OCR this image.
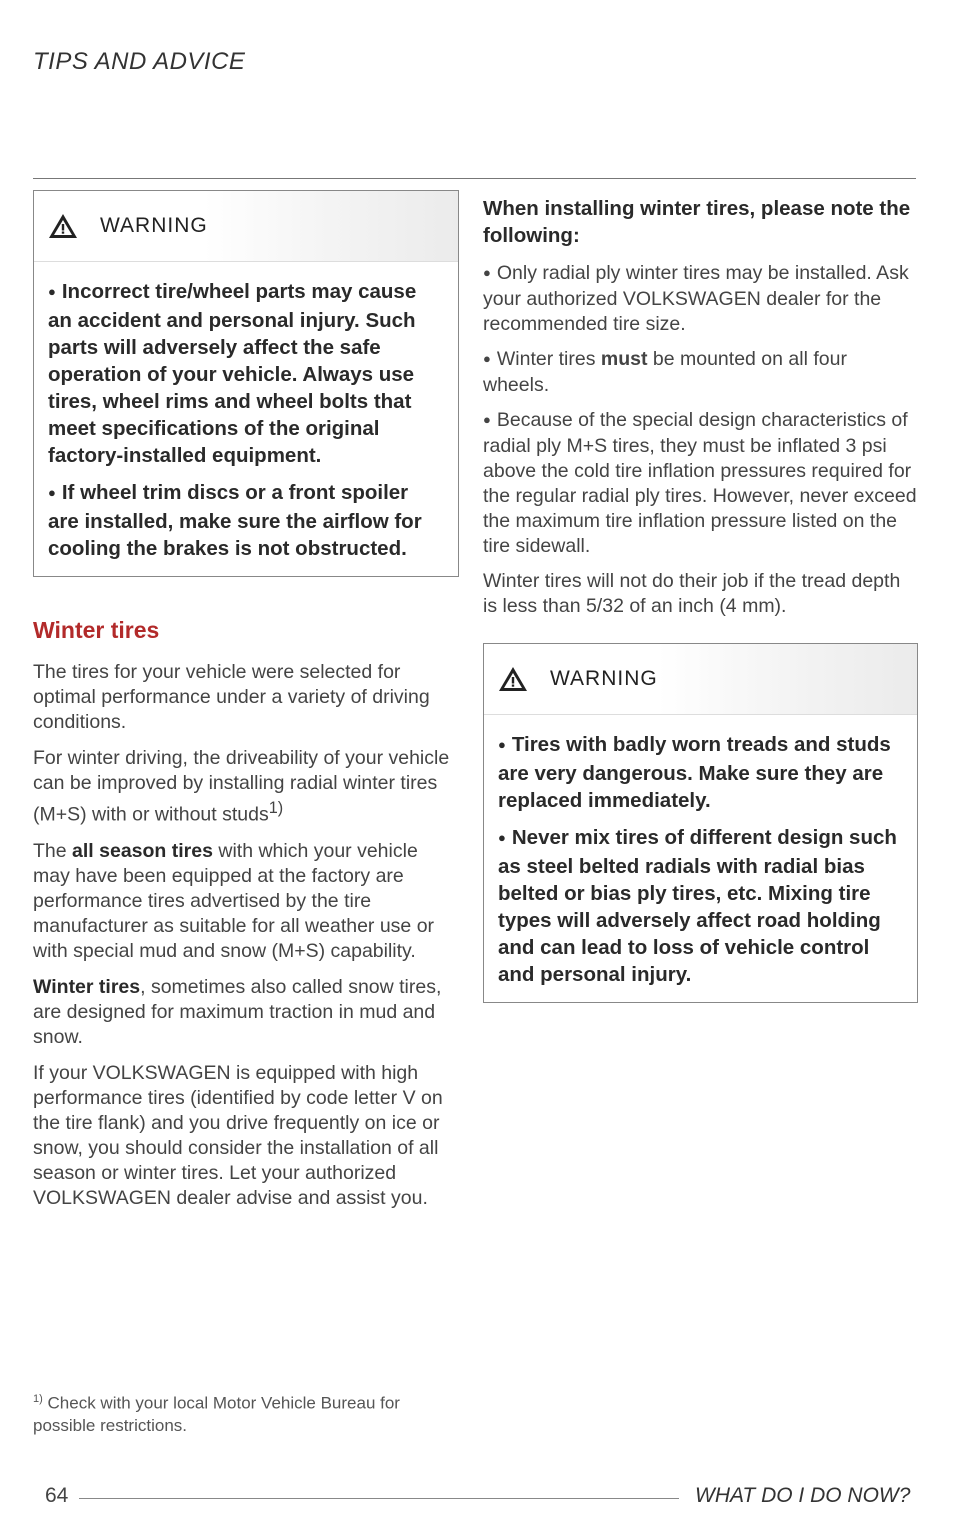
TIPS AND ADVICE
WARNING

● Incorrect tire/wheel parts may cause an accident and personal injury. Such parts will adversely affect the safe operation of your vehicle. Always use tires, wheel rims and wheel bolts that meet specifications of the original factory-installed equipment.

● If wheel trim discs or a front spoiler are installed, make sure the airflow for cooling the brakes is not obstructed.

Winter tires

The tires for your vehicle were selected for optimal performance under a variety of driving conditions.

For winter driving, the driveability of your vehicle can be improved by installing radial winter tires (M+S) with or without studs$^{1)}$

The all season tires with which your vehicle may have been equipped at the factory are performance tires advertised by the tire manufacturer as suitable for all weather use or with special mud and snow (M+S) capability.

Winter tires, sometimes also called snow tires, are designed for maximum traction in mud and snow.

If your VOLKSWAGEN is equipped with high performance tires (identified by code letter V on the tire flank) and you drive frequently on ice or snow, you should consider the installation of all season or winter tires. Let your authorized VOLKSWAGEN dealer advise and assist you.

When installing winter tires, please note the following:

● Only radial ply winter tires may be installed. Ask your authorized VOLKSWAGEN dealer for the recommended tire size.

● Winter tires must be mounted on all four wheels.

● Because of the special design characteristics of radial ply M+S tires, they must be inflated 3 psi above the cold tire inflation pressures required for the regular radial ply tires. However, never exceed the maximum tire inflation pressure listed on the tire sidewall.

Winter tires will not do their job if the tread depth is less than 5/32 of an inch (4 mm).

WARNING

● Tires with badly worn treads and studs are very dangerous. Make sure they are replaced immediately.

● Never mix tires of different design such as steel belted radials with radial bias belted or bias ply tires, etc. Mixing tire types will adversely affect road holding and can lead to loss of vehicle control and personal injury.

$^{1)}$ Check with your local Motor Vehicle Bureau for possible restrictions.
64	WHAT DO I DO NOW?
